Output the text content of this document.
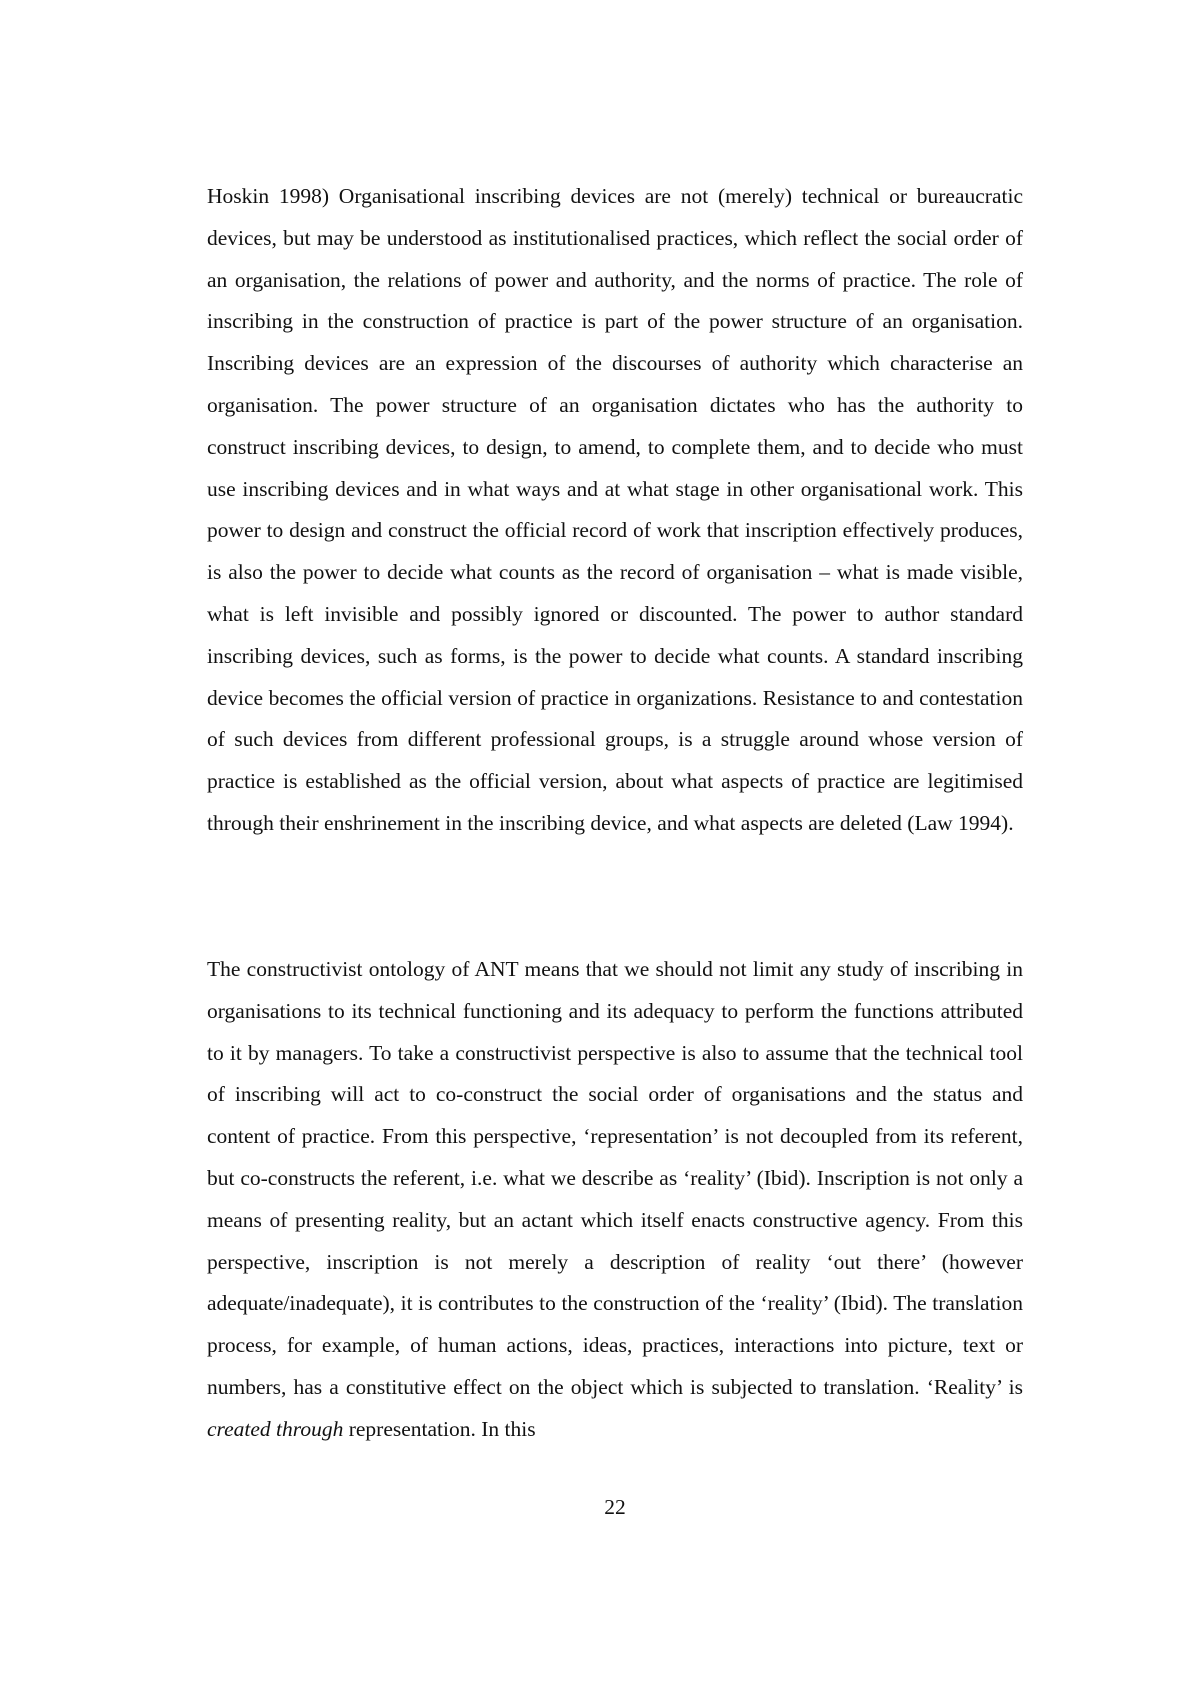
Hoskin 1998) Organisational inscribing devices are not (merely) technical or bureaucratic devices, but may be understood as institutionalised practices, which reflect the social order of an organisation, the relations of power and authority, and the norms of practice. The role of inscribing in the construction of practice is part of the power structure of an organisation. Inscribing devices are an expression of the discourses of authority which characterise an organisation. The power structure of an organisation dictates who has the authority to construct inscribing devices, to design, to amend, to complete them, and to decide who must use inscribing devices and in what ways and at what stage in other organisational work. This power to design and construct the official record of work that inscription effectively produces, is also the power to decide what counts as the record of organisation – what is made visible, what is left invisible and possibly ignored or discounted. The power to author standard inscribing devices, such as forms, is the power to decide what counts. A standard inscribing device becomes the official version of practice in organizations. Resistance to and contestation of such devices from different professional groups, is a struggle around whose version of practice is established as the official version, about what aspects of practice are legitimised through their enshrinement in the inscribing device, and what aspects are deleted (Law 1994).

The constructivist ontology of ANT means that we should not limit any study of inscribing in organisations to its technical functioning and its adequacy to perform the functions attributed to it by managers. To take a constructivist perspective is also to assume that the technical tool of inscribing will act to co-construct the social order of organisations and the status and content of practice. From this perspective, ‘representation’ is not decoupled from its referent, but co-constructs the referent, i.e. what we describe as ‘reality’ (Ibid). Inscription is not only a means of presenting reality, but an actant which itself enacts constructive agency. From this perspective, inscription is not merely a description of reality ‘out there’ (however adequate/inadequate), it is contributes to the construction of the ‘reality’ (Ibid). The translation process, for example, of human actions, ideas, practices, interactions into picture, text or numbers, has a constitutive effect on the object which is subjected to translation. ‘Reality’ is created through representation. In this

22
